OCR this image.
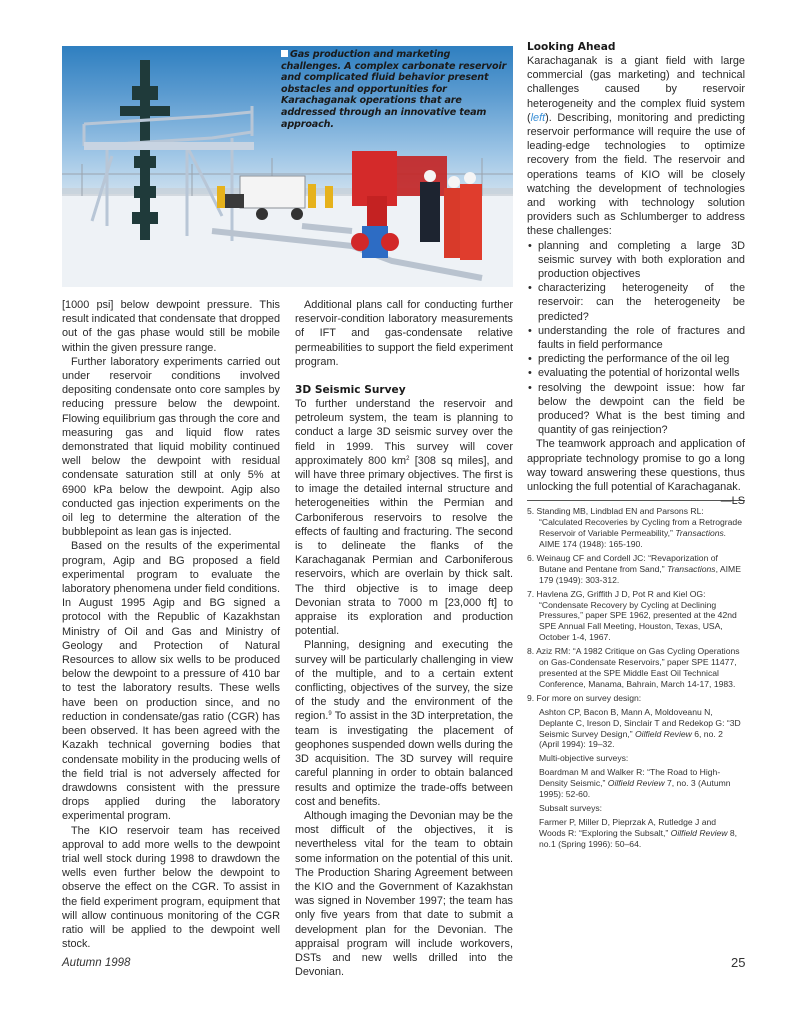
Gas production and marketing challenges. A complex carbonate reservoir and complicated fluid behavior present obstacles and opportunities for Karachaganak operations that are addressed through an innovative team approach.

[1000 psi] below dewpoint pressure. This result indicated that condensate that dropped out of the gas phase would still be mobile within the given pressure range.

Further laboratory experiments carried out under reservoir conditions involved depositing condensate onto core samples by reducing pressure below the dewpoint. Flowing equilibrium gas through the core and measuring gas and liquid flow rates demonstrated that liquid mobility continued well below the dewpoint with residual condensate saturation still at only 5% at 6900 kPa below the dewpoint. Agip also conducted gas injection experiments on the oil leg to determine the alteration of the bubblepoint as lean gas is injected.

Based on the results of the experimental program, Agip and BG proposed a field experimental program to evaluate the laboratory phenomena under field conditions. In August 1995 Agip and BG signed a protocol with the Republic of Kazakhstan Ministry of Oil and Gas and Ministry of Geology and Protection of Natural Resources to allow six wells to be produced below the dewpoint to a pressure of 410 bar to test the laboratory results. These wells have been on production since, and no reduction in condensate/gas ratio (CGR) has been observed. It has been agreed with the Kazakh technical governing bodies that condensate mobility in the producing wells of the field trial is not adversely affected for drawdowns consistent with the pressure drops applied during the laboratory experimental program.

The KIO reservoir team has received approval to add more wells to the dewpoint trial well stock during 1998 to drawdown the wells even further below the dewpoint to observe the effect on the CGR. To assist in the field experiment program, equipment that will allow continuous monitoring of the CGR ratio will be applied to the dewpoint well stock.

Additional plans call for conducting further reservoir-condition laboratory measurements of IFT and gas-condensate relative permeabilities to support the field experiment program.

3D Seismic Survey

To further understand the reservoir and petroleum system, the team is planning to conduct a large 3D seismic survey over the field in 1999. This survey will cover approximately 800 $km^2$ [308 sq miles], and will have three primary objectives. The first is to image the detailed internal structure and heterogeneities within the Permian and Carboniferous reservoirs to resolve the effects of faulting and fracturing. The second is to delineate the flanks of the Karachaganak Permian and Carboniferous reservoirs, which are overlain by thick salt. The third objective is to image deep Devonian strata to 7000 m [23,000 ft] to appraise its exploration and production potential.

Planning, designing and executing the survey will be particularly challenging in view of the multiple, and to a certain extent conflicting, objectives of the survey, the size of the study and the environment of the region.$^9$ To assist in the 3D interpretation, the team is investigating the placement of geophones suspended down wells during the 3D acquisition. The 3D survey will require careful planning in order to obtain balanced results and optimize the trade-offs between cost and benefits.

Although imaging the Devonian may be the most difficult of the objectives, it is nevertheless vital for the team to obtain some information on the potential of this unit. The Production Sharing Agreement between the KIO and the Government of Kazakhstan was signed in November 1997; the team has only five years from that date to submit a development plan for the Devonian. The appraisal program will include workovers, DSTs and new wells drilled into the Devonian.

Looking Ahead

Karachaganak is a giant field with large commercial (gas marketing) and technical challenges caused by reservoir heterogeneity and the complex fluid system (left). Describing, monitoring and predicting reservoir performance will require the use of leading-edge technologies to optimize recovery from the field. The reservoir and operations teams of KIO will be closely watching the development of technologies and working with technology solution providers such as Schlumberger to address these challenges:

• planning and completing a large 3D seismic survey with both exploration and production objectives
• characterizing heterogeneity of the reservoir: can the heterogeneity be predicted?
• understanding the role of fractures and faults in field performance
• predicting the performance of the oil leg
• evaluating the potential of horizontal wells
• resolving the dewpoint issue: how far below the dewpoint can the field be produced? What is the best timing and quantity of gas reinjection?

The teamwork approach and application of appropriate technology promise to go a long way toward answering these questions, thus unlocking the full potential of Karachaganak.
—LS

5. Standing MB, Lindblad EN and Parsons RL: “Calculated Recoveries by Cycling from a Retrograde Reservoir of Variable Permeability,” Transactions. AIME 174 (1948): 165-190.
6. Weinaug CF and Cordell JC: “Revaporization of Butane and Pentane from Sand,” Transactions, AIME 179 (1949): 303-312.
7. Havlena ZG, Griffith J D, Pot R and Kiel OG: “Condensate Recovery by Cycling at Declining Pressures,” paper SPE 1962, presented at the 42nd SPE Annual Fall Meeting, Houston, Texas, USA, October 1-4, 1967.
8. Aziz RM: “A 1982 Critique on Gas Cycling Operations on Gas-Condensate Reservoirs,” paper SPE 11477, presented at the SPE Middle East Oil Technical Conference, Manama, Bahrain, March 14-17, 1983.
9. For more on survey design:
Ashton CP, Bacon B, Mann A, Moldoveanu N, Deplante C, Ireson D, Sinclair T and Redekop G: “3D Seismic Survey Design,” Oilfield Review 6, no. 2 (April 1994): 19–32.
Multi-objective surveys:
Boardman M and Walker R: “The Road to High-Density Seismic,” Oilfield Review 7, no. 3 (Autumn 1995): 52-60.
Subsalt surveys:
Farmer P, Miller D, Pieprzak A, Rutledge J and Woods R: “Exploring the Subsalt,” Oilfield Review 8, no.1 (Spring 1996): 50–64.
Autumn 1998	25
